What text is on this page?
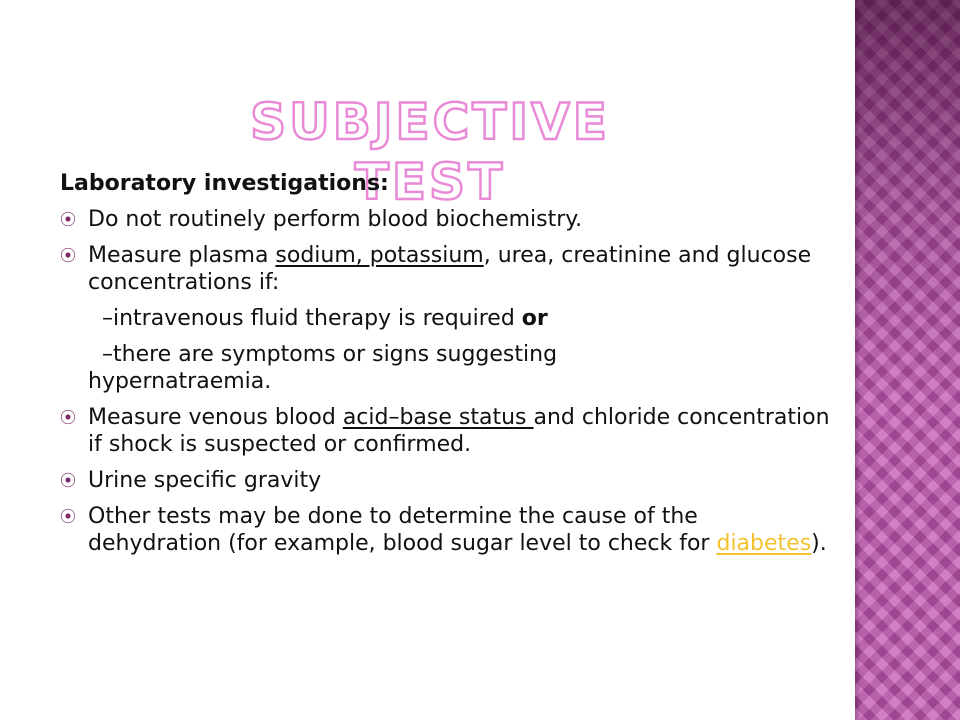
SUBJECTIVE TEST

Laboratory investigations:

⦿ Do not routinely perform blood biochemistry.

⦿ Measure plasma sodium, potassium, urea, creatinine and glucose concentrations if:

–intravenous fluid therapy is required or

–there are symptoms or signs suggesting
hypernatraemia.

⦿ Measure venous blood acid–base status and chloride concentration if shock is suspected or confirmed.

⦿ Urine specific gravity

⦿ Other tests may be done to determine the cause of the dehydration (for example, blood sugar level to check for diabetes).
